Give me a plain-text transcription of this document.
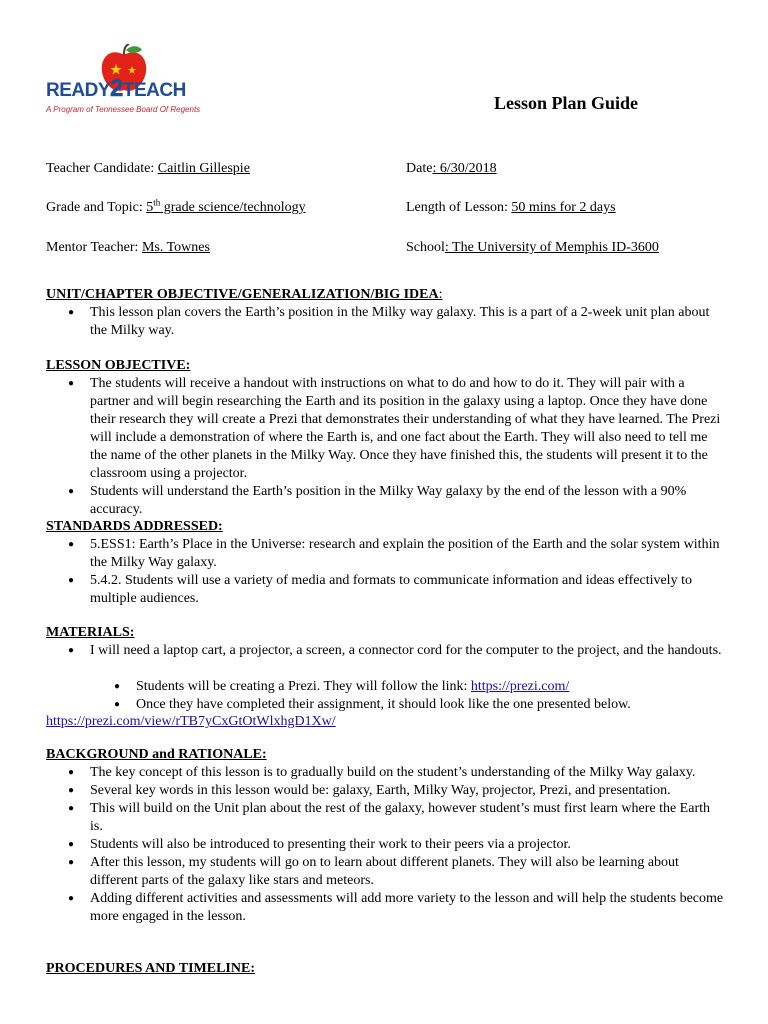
READY2TEACH
A Program of Tennessee Board Of Regents	Lesson Plan Guide
Teacher Candidate: Caitlin Gillespie	Date: 6/30/2018
Grade and Topic: 5th grade science/technology	Length of Lesson: 50 mins for 2 days
Mentor Teacher: Ms. Townes	School: The University of Memphis ID-3600
UNIT/CHAPTER OBJECTIVE/GENERALIZATION/BIG IDEA:
● This lesson plan covers the Earth’s position in the Milky way galaxy. This is a part of a 2-week unit plan about the Milky way.
LESSON OBJECTIVE:
● The students will receive a handout with instructions on what to do and how to do it. They will pair with a partner and will begin researching the Earth and its position in the galaxy using a laptop. Once they have done their research they will create a Prezi that demonstrates their understanding of what they have learned. The Prezi will include a demonstration of where the Earth is, and one fact about the Earth. They will also need to tell me the name of the other planets in the Milky Way. Once they have finished this, the students will present it to the classroom using a projector.
● Students will understand the Earth’s position in the Milky Way galaxy by the end of the lesson with a 90% accuracy.
STANDARDS ADDRESSED:
● 5.ESS1: Earth’s Place in the Universe: research and explain the position of the Earth and the solar system within the Milky Way galaxy.
● 5.4.2. Students will use a variety of media and formats to communicate information and ideas effectively to multiple audiences.
MATERIALS:
● I will need a laptop cart, a projector, a screen, a connector cord for the computer to the project, and the handouts.
● Students will be creating a Prezi. They will follow the link: https://prezi.com/
● Once they have completed their assignment, it should look like the one presented below.
https://prezi.com/view/rTB7yCxGtOtWlxhgD1Xw/
BACKGROUND and RATIONALE:
● The key concept of this lesson is to gradually build on the student’s understanding of the Milky Way galaxy.
● Several key words in this lesson would be: galaxy, Earth, Milky Way, projector, Prezi, and presentation.
● This will build on the Unit plan about the rest of the galaxy, however student’s must first learn where the Earth is.
● Students will also be introduced to presenting their work to their peers via a projector.
● After this lesson, my students will go on to learn about different planets. They will also be learning about different parts of the galaxy like stars and meteors.
● Adding different activities and assessments will add more variety to the lesson and will help the students become more engaged in the lesson.
PROCEDURES AND TIMELINE:
